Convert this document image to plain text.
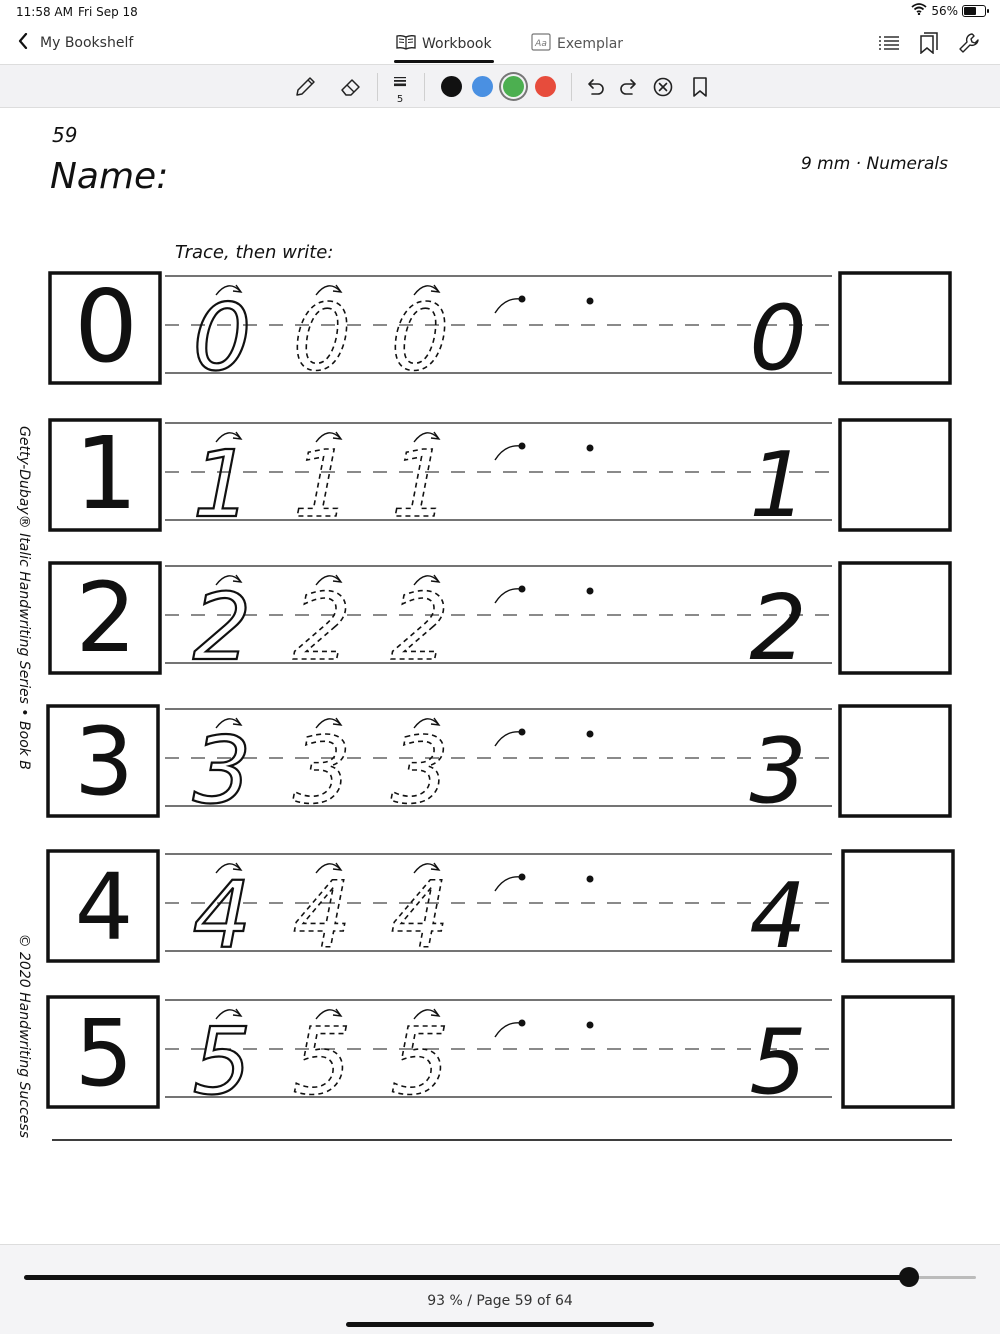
11:58 AM Fri Sep 18	56%
My Bookshelf	Workbook	Aa Exemplar
5
59
Name:	9 mm · Numerals
Trace, then write:
Getty-Dubay® Italic Handwriting Series • Book B
© 2020 Handwriting Success
0 0 0 0	0
1 1 1 1	1
2 2 2 2	2
3 3 3 3	3
4 4 4 4	4
5 5 5 5	5
93 % / Page 59 of 64
